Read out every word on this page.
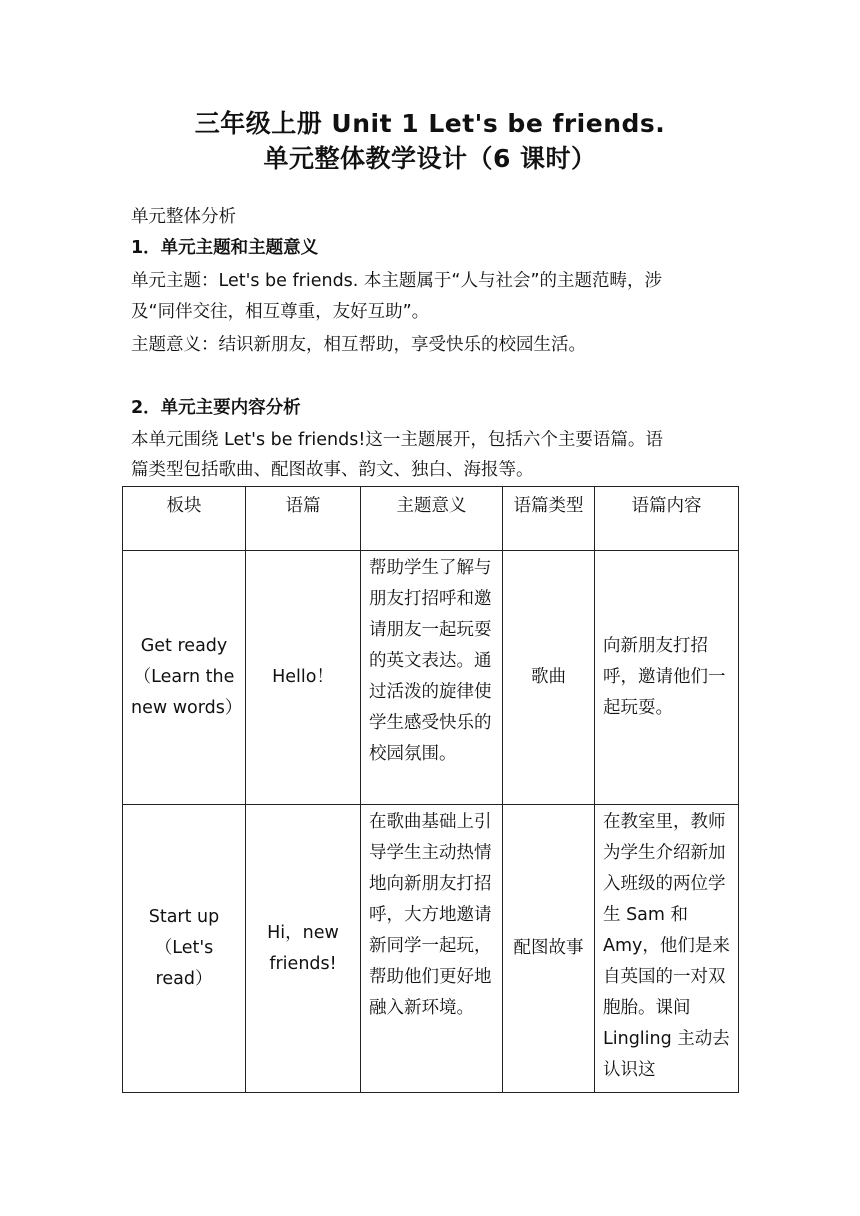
三年级上册 Unit 1 Let's be friends.
单元整体教学设计（6 课时）
单元整体分析
1．单元主题和主题意义
单元主题：Let's be friends. 本主题属于“人与社会”的主题范畴，涉
及“同伴交往，相互尊重，友好互助”。
主题意义：结识新朋友，相互帮助，享受快乐的校园生活。
2．单元主要内容分析
本单元围绕 Let's be friends!这一主题展开，包括六个主要语篇。语
篇类型包括歌曲、配图故事、韵文、独白、海报等。
板块	语篇	主题意义	语篇类型	语篇内容
Get ready（Learn the new words）	Hello！	帮助学生了解与朋友打招呼和邀请朋友一起玩耍的英文表达。通过活泼的旋律使学生感受快乐的校园氛围。	歌曲	向新朋友打招呼，邀请他们一起玩耍。
Start up（Let's read）	Hi，new friends!	在歌曲基础上引导学生主动热情地向新朋友打招呼，大方地邀请新同学一起玩，帮助他们更好地融入新环境。	配图故事	在教室里，教师为学生介绍新加入班级的两位学生 Sam 和 Amy，他们是来自英国的一对双胞胎。课间 Lingling 主动去认识这
